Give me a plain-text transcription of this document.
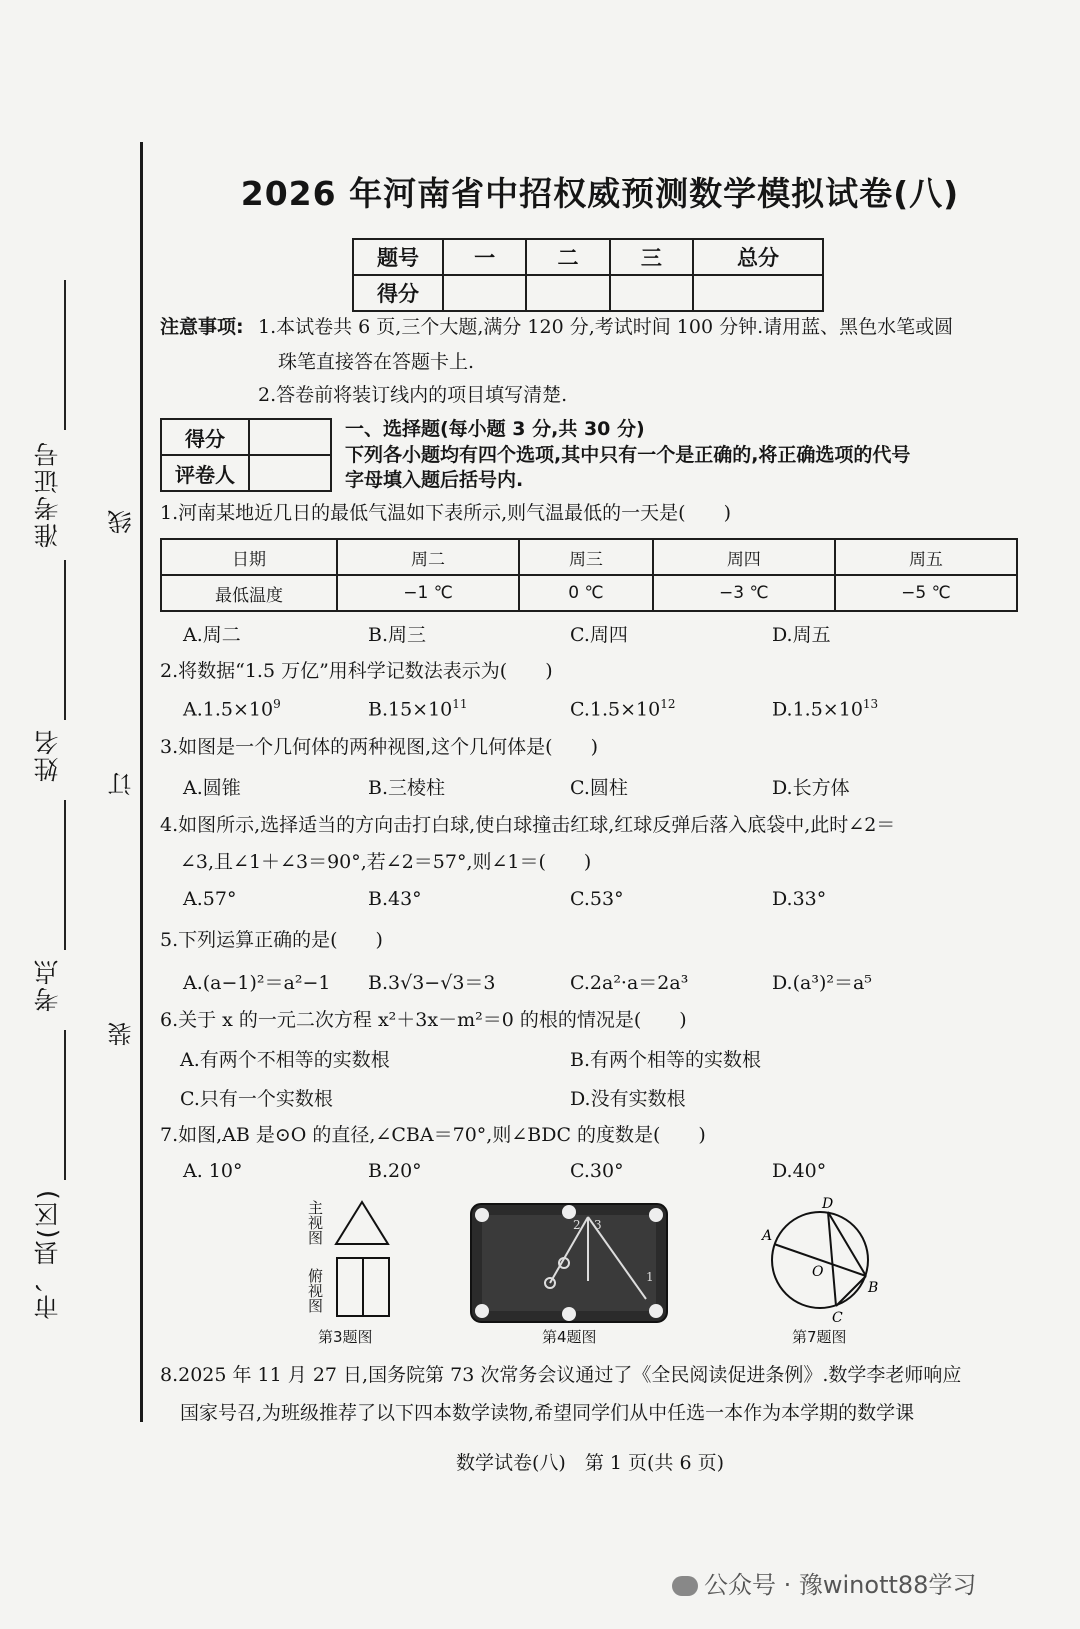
准考证号
姓名
考点
市、县(区)
线
订
装
2026 年河南省中招权威预测数学模拟试卷(八)
题号	一	二	三	总分
得分				
注意事项: 1.本试卷共 6 页,三个大题,满分 120 分,考试时间 100 分钟.请用蓝、黑色水笔或圆
珠笔直接答在答题卡上.
2.答卷前将装订线内的项目填写清楚.
得分	
评卷人	
一、选择题(每小题 3 分,共 30 分)
下列各小题均有四个选项,其中只有一个是正确的,将正确选项的代号
字母填入题后括号内.
1.河南某地近几日的最低气温如下表所示,则气温最低的一天是(　　)
日期	周二	周三	周四	周五
最低温度	−1 ℃	0 ℃	−3 ℃	−5 ℃
A.周二	B.周三	C.周四	D.周五
2.将数据“1.5 万亿”用科学记数法表示为(　　)
$A.1.5\times 10^9$	$B.15\times 10^{11}$	$C.1.5\times 10^{12}$	$D.1.5\times 10^{13}$
3.如图是一个几何体的两种视图,这个几何体是(　　)
A.圆锥	B.三棱柱	C.圆柱	D.长方体
4.如图所示,选择适当的方向击打白球,使白球撞击红球,红球反弹后落入底袋中,此时∠2＝
∠3,且∠1＋∠3＝90°,若∠2＝57°,则∠1＝(　　)
A.57°	B.43°	C.53°	D.33°
5.下列运算正确的是(　　)
A.(a−1)²＝a²−1 B.3√3−√3＝3	C.2a²·a＝2a³	D.(a³)²＝a⁵
6.关于 x 的一元二次方程 x²＋3x－m²＝0 的根的情况是(　　)
A.有两个不相等的实数根	B.有两个相等的实数根
C.只有一个实数根	D.没有实数根
7.如图,AB 是⊙O 的直径,∠CBA＝70°,则∠BDC 的度数是(　　)
A. 10°	B.20°	C.30°	D.40°
主视图
俯视图
第3题图
2 3
1
第4题图
A
D
B
C
O
第7题图
8.2025 年 11 月 27 日,国务院第 73 次常务会议通过了《全民阅读促进条例》.数学李老师响应
国家号召,为班级推荐了以下四本数学读物,希望同学们从中任选一本作为本学期的数学课
数学试卷(八)　第 1 页(共 6 页)
公众号 · 豫winott88学习
